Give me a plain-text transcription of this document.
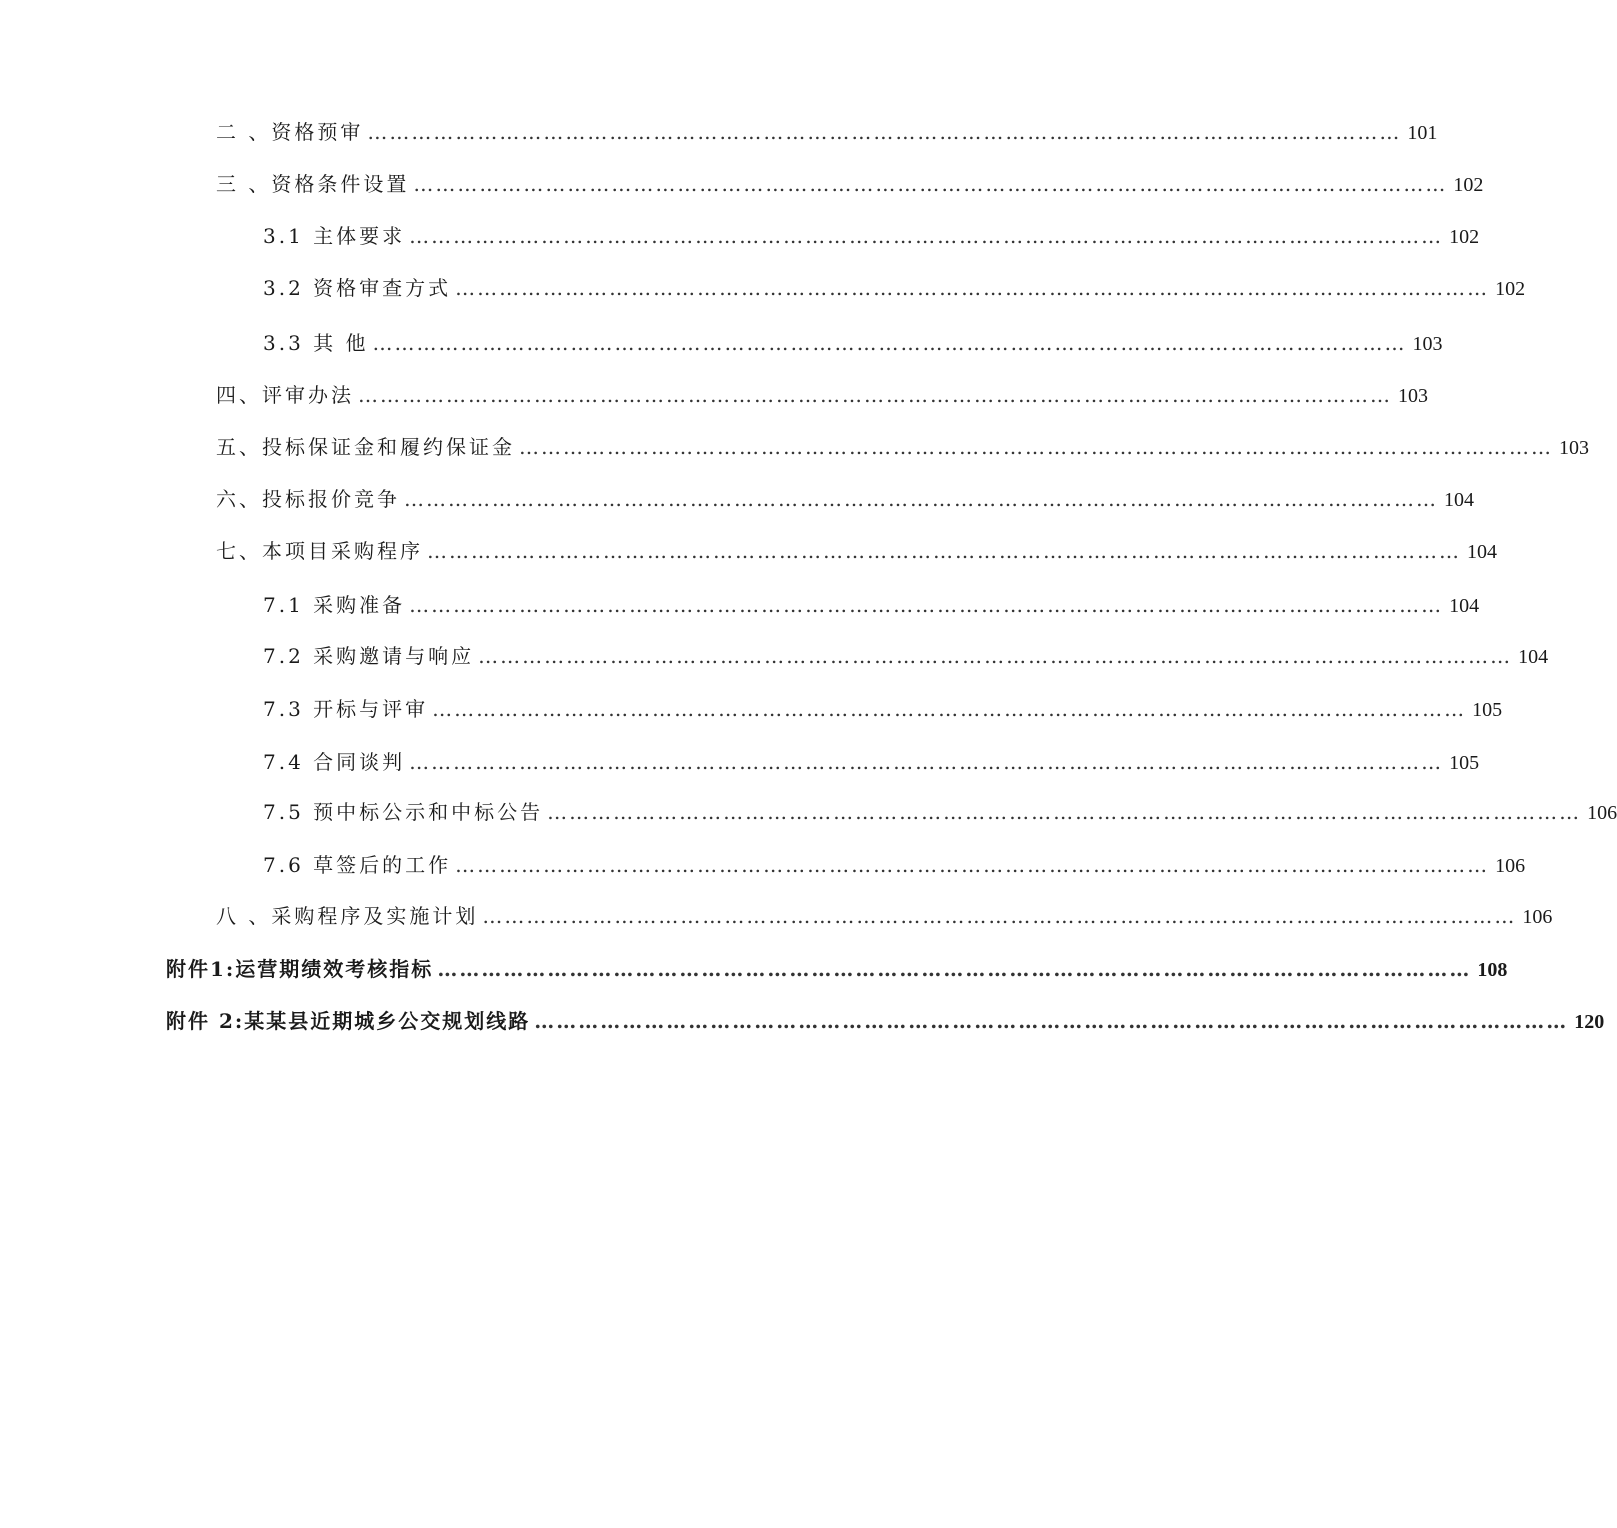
二 、资格预审 …………………………………………………………………………………………………………………………… 101
三 、资格条件设置 …………………………………………………………………………………………………………………………… 102
3.1 主体要求 …………………………………………………………………………………………………………………………… 102
3.2 资格审查方式 …………………………………………………………………………………………………………………………… 102
3.3 其 他 …………………………………………………………………………………………………………………………… 103
四、评审办法 …………………………………………………………………………………………………………………………… 103
五、投标保证金和履约保证金 …………………………………………………………………………………………………………………………… 103
六、投标报价竞争 …………………………………………………………………………………………………………………………… 104
七、本项目采购程序 …………………………………………………………………………………………………………………………… 104
7.1 采购准备 …………………………………………………………………………………………………………………………… 104
7.2 采购邀请与响应 …………………………………………………………………………………………………………………………… 104
7.3 开标与评审 …………………………………………………………………………………………………………………………… 105
7.4 合同谈判 …………………………………………………………………………………………………………………………… 105
7.5 预中标公示和中标公告 …………………………………………………………………………………………………………………………… 106
7.6 草签后的工作 …………………………………………………………………………………………………………………………… 106
八 、采购程序及实施计划 …………………………………………………………………………………………………………………………… 106
附件1:运营期绩效考核指标 …………………………………………………………………………………………………………………………… 108
附件 2:某某县近期城乡公交规划线路 …………………………………………………………………………………………………………………………… 120
